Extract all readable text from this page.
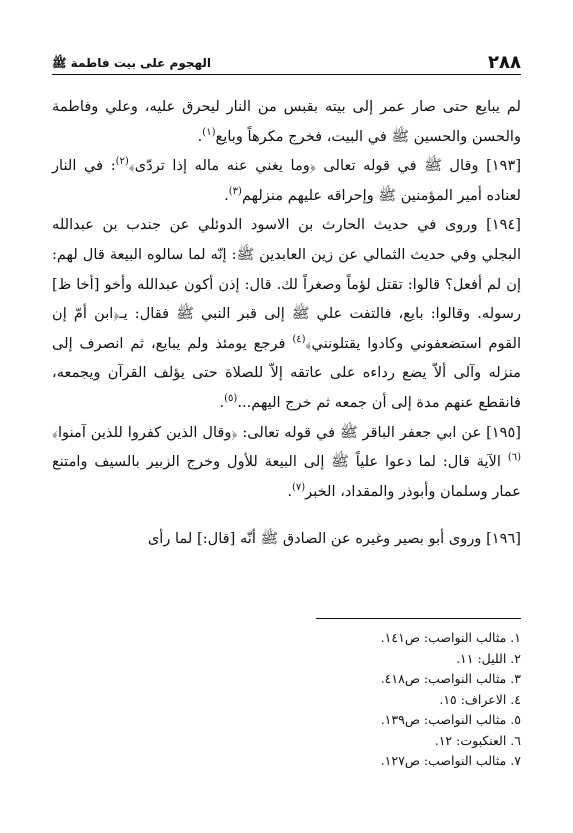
٢٨٨
الهجوم على بيت فاطمة ﷺ

لم يبايع حتى صار عمر إلى بيته بقبس من النار ليحرق عليه، وعلي وفاطمة والحسن والحسين ﷺ في البيت، فخرج مكرهاً وبايع$^{(١)}$.

[١٩٣] وقال ﷺ في قوله تعالى ﴿وما يغني عنه ماله إذا تردّى﴾$^{(٢)}$: في النار لعناده أمير المؤمنين ﷺ وإحراقه عليهم منزلهم$^{(٣)}$.

[١٩٤] وروى في حديث الحارث بن الاسود الدوئلي عن جندب بن عبدالله البجلي وفي حديث الثمالي عن زين العابدين ﷺ: إنّه لما سالوه البيعة قال لهم: إن لم أفعل؟ قالوا: تقتل لؤماً وصغراً لك. قال: إذن أكون عبدالله وأخو [أخا ظ] رسوله. وقالوا: بايع، فالتفت علي ﷺ إلى قبر النبي ﷺ فقال: يـ﴿ابن أمّ إن القوم استضعفوني وكادوا يقتلونني﴾$^{(٤)}$ فرجع يومئذ ولم يبايع، ثم انصرف إلى منزله وآلى ألاّ يضع رداءه على عاتقه إلاّ للصلاة حتى يؤلف القرآن ويجمعه، فانقطع عنهم مدة إلى أن جمعه ثم خرج اليهم...$^{(٥)}$.

[١٩٥] عن ابي جعفر الباقر ﷺ في قوله تعالى: ﴿وقال الذين كفروا للذين آمنوا﴾$^{(٦)}$ الآية قال: لما دعوا علياً ﷺ إلى البيعة للأول وخرج الزبير بالسيف وامتنع عمار وسلمان وأبوذر والمقداد، الخبر$^{(٧)}$.

[١٩٦] وروى أبو بصير وغيره عن الصادق ﷺ أنّه [قال:] لما رأى

١. مثالب النواصب: ص١٤١.
٢. الليل: ١١.
٣. مثالب النواصب: ص٤١٨.
٤. الاعراف: ١٥.
٥. مثالب النواصب: ص١٣٩.
٦. العنكبوت: ١٢.
٧. مثالب النواصب: ص١٢٧.
